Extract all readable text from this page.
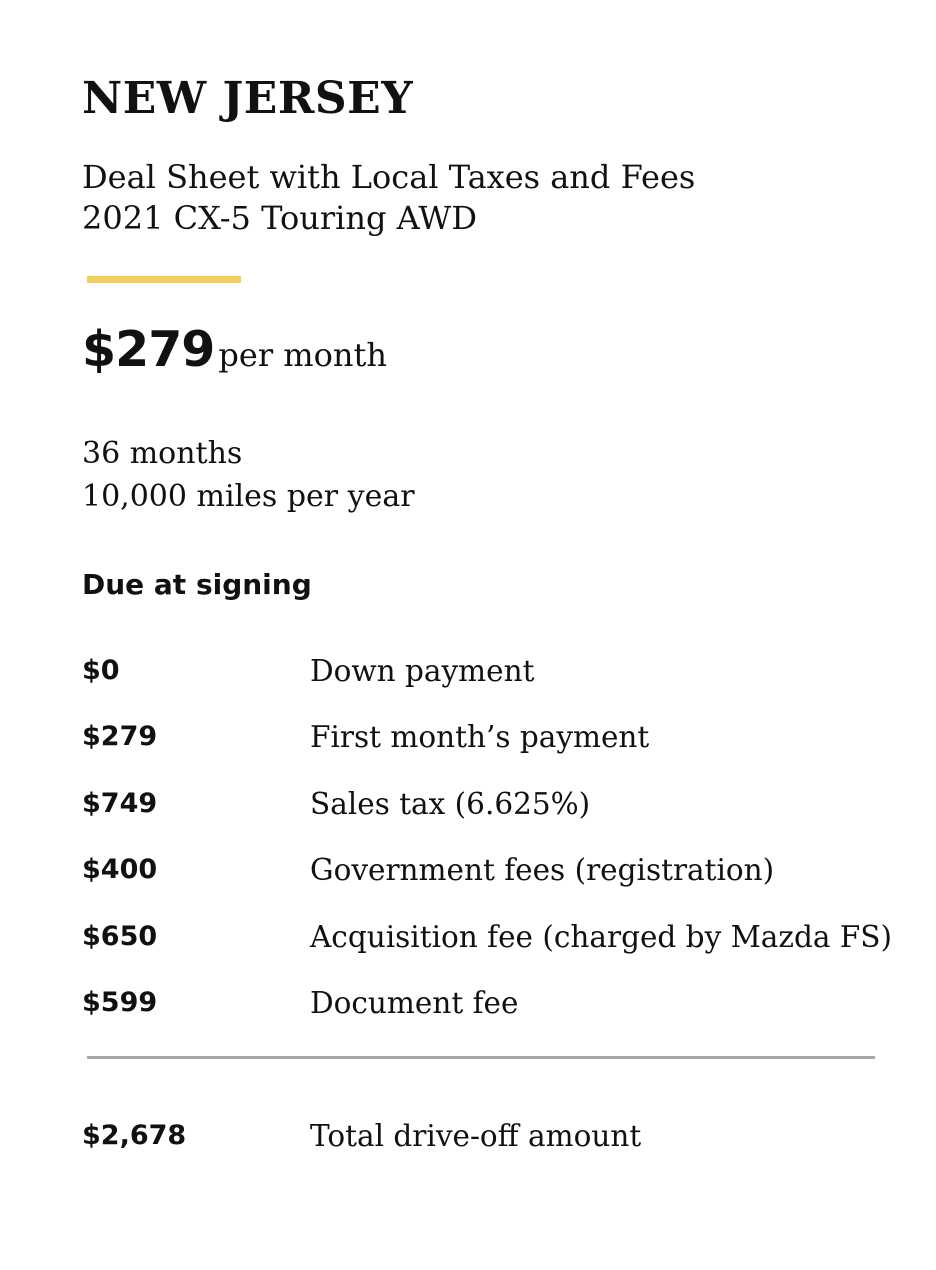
NEW JERSEY
Deal Sheet with Local Taxes and Fees
2021 CX-5 Touring AWD
$279 per month
36 months
10,000 miles per year
Due at signing
$0	Down payment
$279	First month’s payment
$749	Sales tax (6.625%)
$400	Government fees (registration)
$650	Acquisition fee (charged by Mazda FS)
$599	Document fee
$2,678	Total drive-off amount
